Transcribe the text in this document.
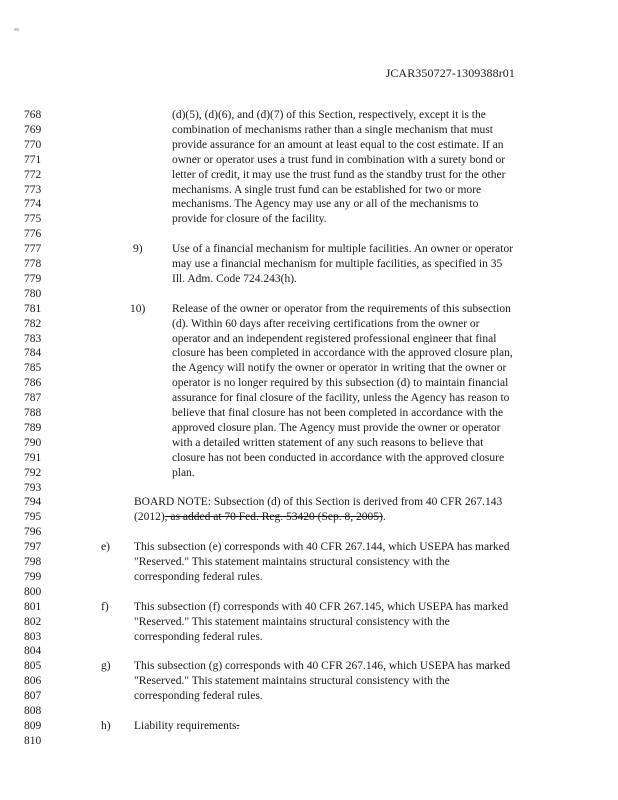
JCAR350727-1309388r01
768
769
770
771
772
773
774
775
776
777
778
779
780
781
782
783
784
785
786
787
788
789
790
791
792
793
794
795
796
797
798
799
800
801
802
803
804
805
806
807
808
809
810
(d)(5), (d)(6), and (d)(7) of this Section, respectively, except it is the
combination of mechanisms rather than a single mechanism that must
provide assurance for an amount at least equal to the cost estimate. If an
owner or operator uses a trust fund in combination with a surety bond or
letter of credit, it may use the trust fund as the standby trust for the other
mechanisms. A single trust fund can be established for two or more
mechanisms. The Agency may use any or all of the mechanisms to
provide for closure of the facility.
9)	Use of a financial mechanism for multiple facilities. An owner or operator
may use a financial mechanism for multiple facilities, as specified in 35
Ill. Adm. Code 724.243(h).
10) Release of the owner or operator from the requirements of this subsection
(d). Within 60 days after receiving certifications from the owner or
operator and an independent registered professional engineer that final
closure has been completed in accordance with the approved closure plan,
the Agency will notify the owner or operator in writing that the owner or
operator is no longer required by this subsection (d) to maintain financial
assurance for final closure of the facility, unless the Agency has reason to
believe that final closure has not been completed in accordance with the
approved closure plan. The Agency must provide the owner or operator
with a detailed written statement of any such reasons to believe that
closure has not been conducted in accordance with the approved closure
plan.
BOARD NOTE: Subsection (d) of this Section is derived from 40 CFR 267.143
(2012), as added at 70 Fed. Reg. 53420 (Sep. 8, 2005).
e) This subsection (e) corresponds with 40 CFR 267.144, which USEPA has marked
"Reserved." This statement maintains structural consistency with the
corresponding federal rules.
f) This subsection (f) corresponds with 40 CFR 267.145, which USEPA has marked
"Reserved." This statement maintains structural consistency with the
corresponding federal rules.
g) This subsection (g) corresponds with 40 CFR 267.146, which USEPA has marked
"Reserved." This statement maintains structural consistency with the
corresponding federal rules.
h) Liability requirements.
